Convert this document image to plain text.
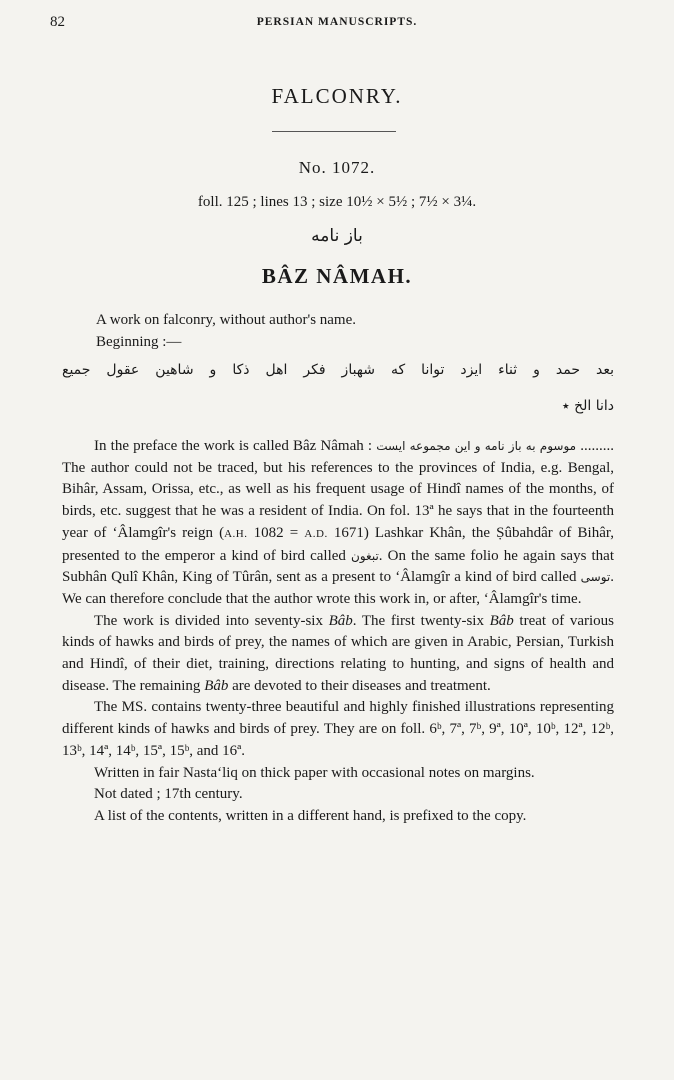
82	PERSIAN MANUSCRIPTS.
FALCONRY.
No. 1072.
foll. 125 ; lines 13 ; size 10½ × 5½ ; 7½ × 3¼.
باز نامه
BÂZ NÂMAH.
A work on falconry, without author's name.
Beginning :—
بعد حمد و ثناء ایزد توانا که شهباز فکر اهل ذکا و شاهین عقول جمیع
دانا الخ ٭

In the preface the work is called Bâz Nâmah : و این مجموعه ایست موسوم به باز نامه ......... The author could not be traced, but his references to the provinces of India, e.g. Bengal, Bihâr, Assam, Orissa, etc., as well as his frequent usage of Hindî names of the months, of birds, etc. suggest that he was a resident of India. On fol. 13ª he says that in the fourteenth year of ʻÂlamgîr's reign (A.H. 1082 = A.D. 1671) Lashkar Khân, the Ṣûbahdâr of Bihâr, presented to the emperor a kind of bird called تبغون. On the same folio he again says that Subhân Qulî Khân, King of Tûrân, sent as a present to ʻÂlamgîr a kind of bird called توسی. We can therefore conclude that the author wrote this work in, or after, ʻÂlamgîr's time.

The work is divided into seventy-six Bâb. The first twenty-six Bâb treat of various kinds of hawks and birds of prey, the names of which are given in Arabic, Persian, Turkish and Hindî, of their diet, training, directions relating to hunting, and signs of health and disease. The remaining Bâb are devoted to their diseases and treatment.

The MS. contains twenty-three beautiful and highly finished illustrations representing different kinds of hawks and birds of prey. They are on foll. 6ᵇ, 7ª, 7ᵇ, 9ª, 10ª, 10ᵇ, 12ª, 12ᵇ, 13ᵇ, 14ª, 14ᵇ, 15ª, 15ᵇ, and 16ª.

Written in fair Nastaʻliq on thick paper with occasional notes on margins.

Not dated ; 17th century.

A list of the contents, written in a different hand, is prefixed to the copy.
